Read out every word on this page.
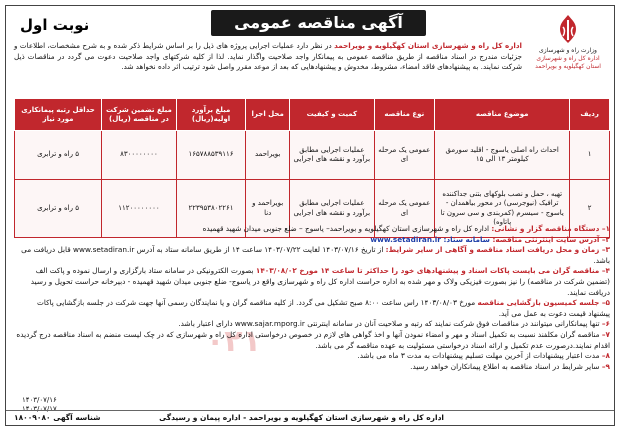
۰۲۱
آگهی مناقصه عمومی
نوبت اول
وزارت راه و شهرسازی
اداره کل راه و شهرسازی
استان کهگیلویه و بویراحمد
اداره کل راه و شهرسازی استان کهگیلویه و بویراحمد در نظر دارد عملیات اجرایی پروژه های ذیل را بر اساس شرایط ذکر شده و به شرح مشخصات، اطلاعات و جزئیات مندرج در اسناد مناقصه از طریق مناقصه عمومی به پیمانکار واجد صلاحیت واگذار نماید. لذا از کلیه شرکتهای واجد صلاحیت دعوت می گردد در مناقصات ذیل شرکت نمایند. به پیشنهادهای فاقد امضاء، مشروط، مخدوش و پیشنهادهایی که بعد از موعد مقرر واصل شود ترتیب اثر داده نخواهد شد.
ردیف	موضوع مناقصه	نوع مناقصه	کمیت و کیفیت	محل اجرا	مبلغ برآورد اولیه(ریال)	مبلغ تضمین شرکت در مناقصه (ریال)	حداقل رتبه پیمانکاری مورد نیاز
۱	احداث راه اصلی یاسوج - اقلید سورمق کیلومتر ۱۳ الی ۱۵	عمومی یک مرحله ای	عملیات اجرایی مطابق برآورد و نقشه های اجرایی	بویراحمد	۱۶۵۷۸۸۵۳۹۱۱۶	۸۳۰۰۰۰۰۰۰۰	۵ راه و ترابری
۲	تهیه ، حمل و نصب بلوکهای بتنی جداکننده ترافیک (نیوجرسی) در محور بیاهمدان - یاسوج - سیسرم (کمربندی و سی سرون تا پاتاوه)	عمومی یک مرحله ای	عملیات اجرایی مطابق برآورد و نقشه های اجرایی	بویراحمد و دنا	۲۲۳۹۵۳۸۰۲۲۶۱	۱۱۲۰۰۰۰۰۰۰۰	۵ راه و ترابری

۱– دستگاه مناقصه گزار و نشانی: اداره کل راه و شهرسازی استان کهگیلویه و بویراحمد– یاسوج – ضلع جنوبی میدان شهید قهمیده

۲– آدرس سایت اینترنتی مناقصه: سامانه ستاد: www.setadiran.ir

۳– زمان و محل دریافت اسناد مناقصه و آگاهی از سایر شرایط: از تاریخ ۱۴۰۳/۰۷/۱۶ لغایت ۱۴۰۳/۰۷/۲۲ ساعت ۱۴ از طریق سامانه ستاد به آدرس www.setadiran.ir قابل دریافت می باشد.

۴– مناقصه گران می بایست پاکات اسناد و پیشنهادهای خود را حداکثر تا ساعت ۱۴ مورخ ۱۴۰۳/۰۸/۰۲ بصورت الکترونیکی در سامانه ستاد بارگزاری و ارسال نموده و پاکت الف (تضمین شرکت در مناقصه) را نیز بصورت فیزیکی ولاک و مهر شده به اداره حراست اداره کل راه و شهرسازی واقع در یاسوج- ضلع جنوبی میدان شهید قهمیده - دبیرخانه حراست تحویل و رسید دریافت نمایند.

۵– جلسه کمیسیون بازگشایی مناقصه مورخ ۱۴۰۳/۰۸/۰۳ راس ساعت ۸:۰۰ صبح تشکیل می گردد. از کلیه مناقصه گران و یا نمایندگان رسمی آنها جهت شرکت در جلسه بازگشایی پاکات پیشنهاد قیمت دعوت به عمل می آید.

۶– تنها پیمانکارانی میتوانند در مناقصات فوق شرکت نمایند که رتبه و صلاحیت آنان در سامانه اینترنتی www.sajar.mporg.ir دارای اعتبار باشد.

۷– مناقصه گران مکلفند نسبت به تکمیل اسناد و مهر و امضاء نمودن آنها و اخذ گواهی های لازم در خصوص درخواستی اداره کل راه و شهرسازی که در چک لیست منضم به اسناد مناقصه درج گردیده اقدام نمایند.درصورت عدم تکمیل و ارائه اسناد درخواستی مسئولیت به عهده مناقصه گر می باشد.

۸– مدت اعتبار پیشنهادات از آخرین مهلت تسلیم پیشنهادات به مدت ۳ ماه می باشد.

۹– سایر شرایط در اسناد مناقصه به اطلاع پیمانکاران خواهد رسید.

۱۴۰۳/۰۷/۱۶
۱۴۰۳/۰۷/۱۷
اداره کل راه و شهرسازی استان کهگیلویه و بویراحمد - اداره پیمان و رسیدگی
شناسه آگهی ۱۸۰۰۹۰۸۰
